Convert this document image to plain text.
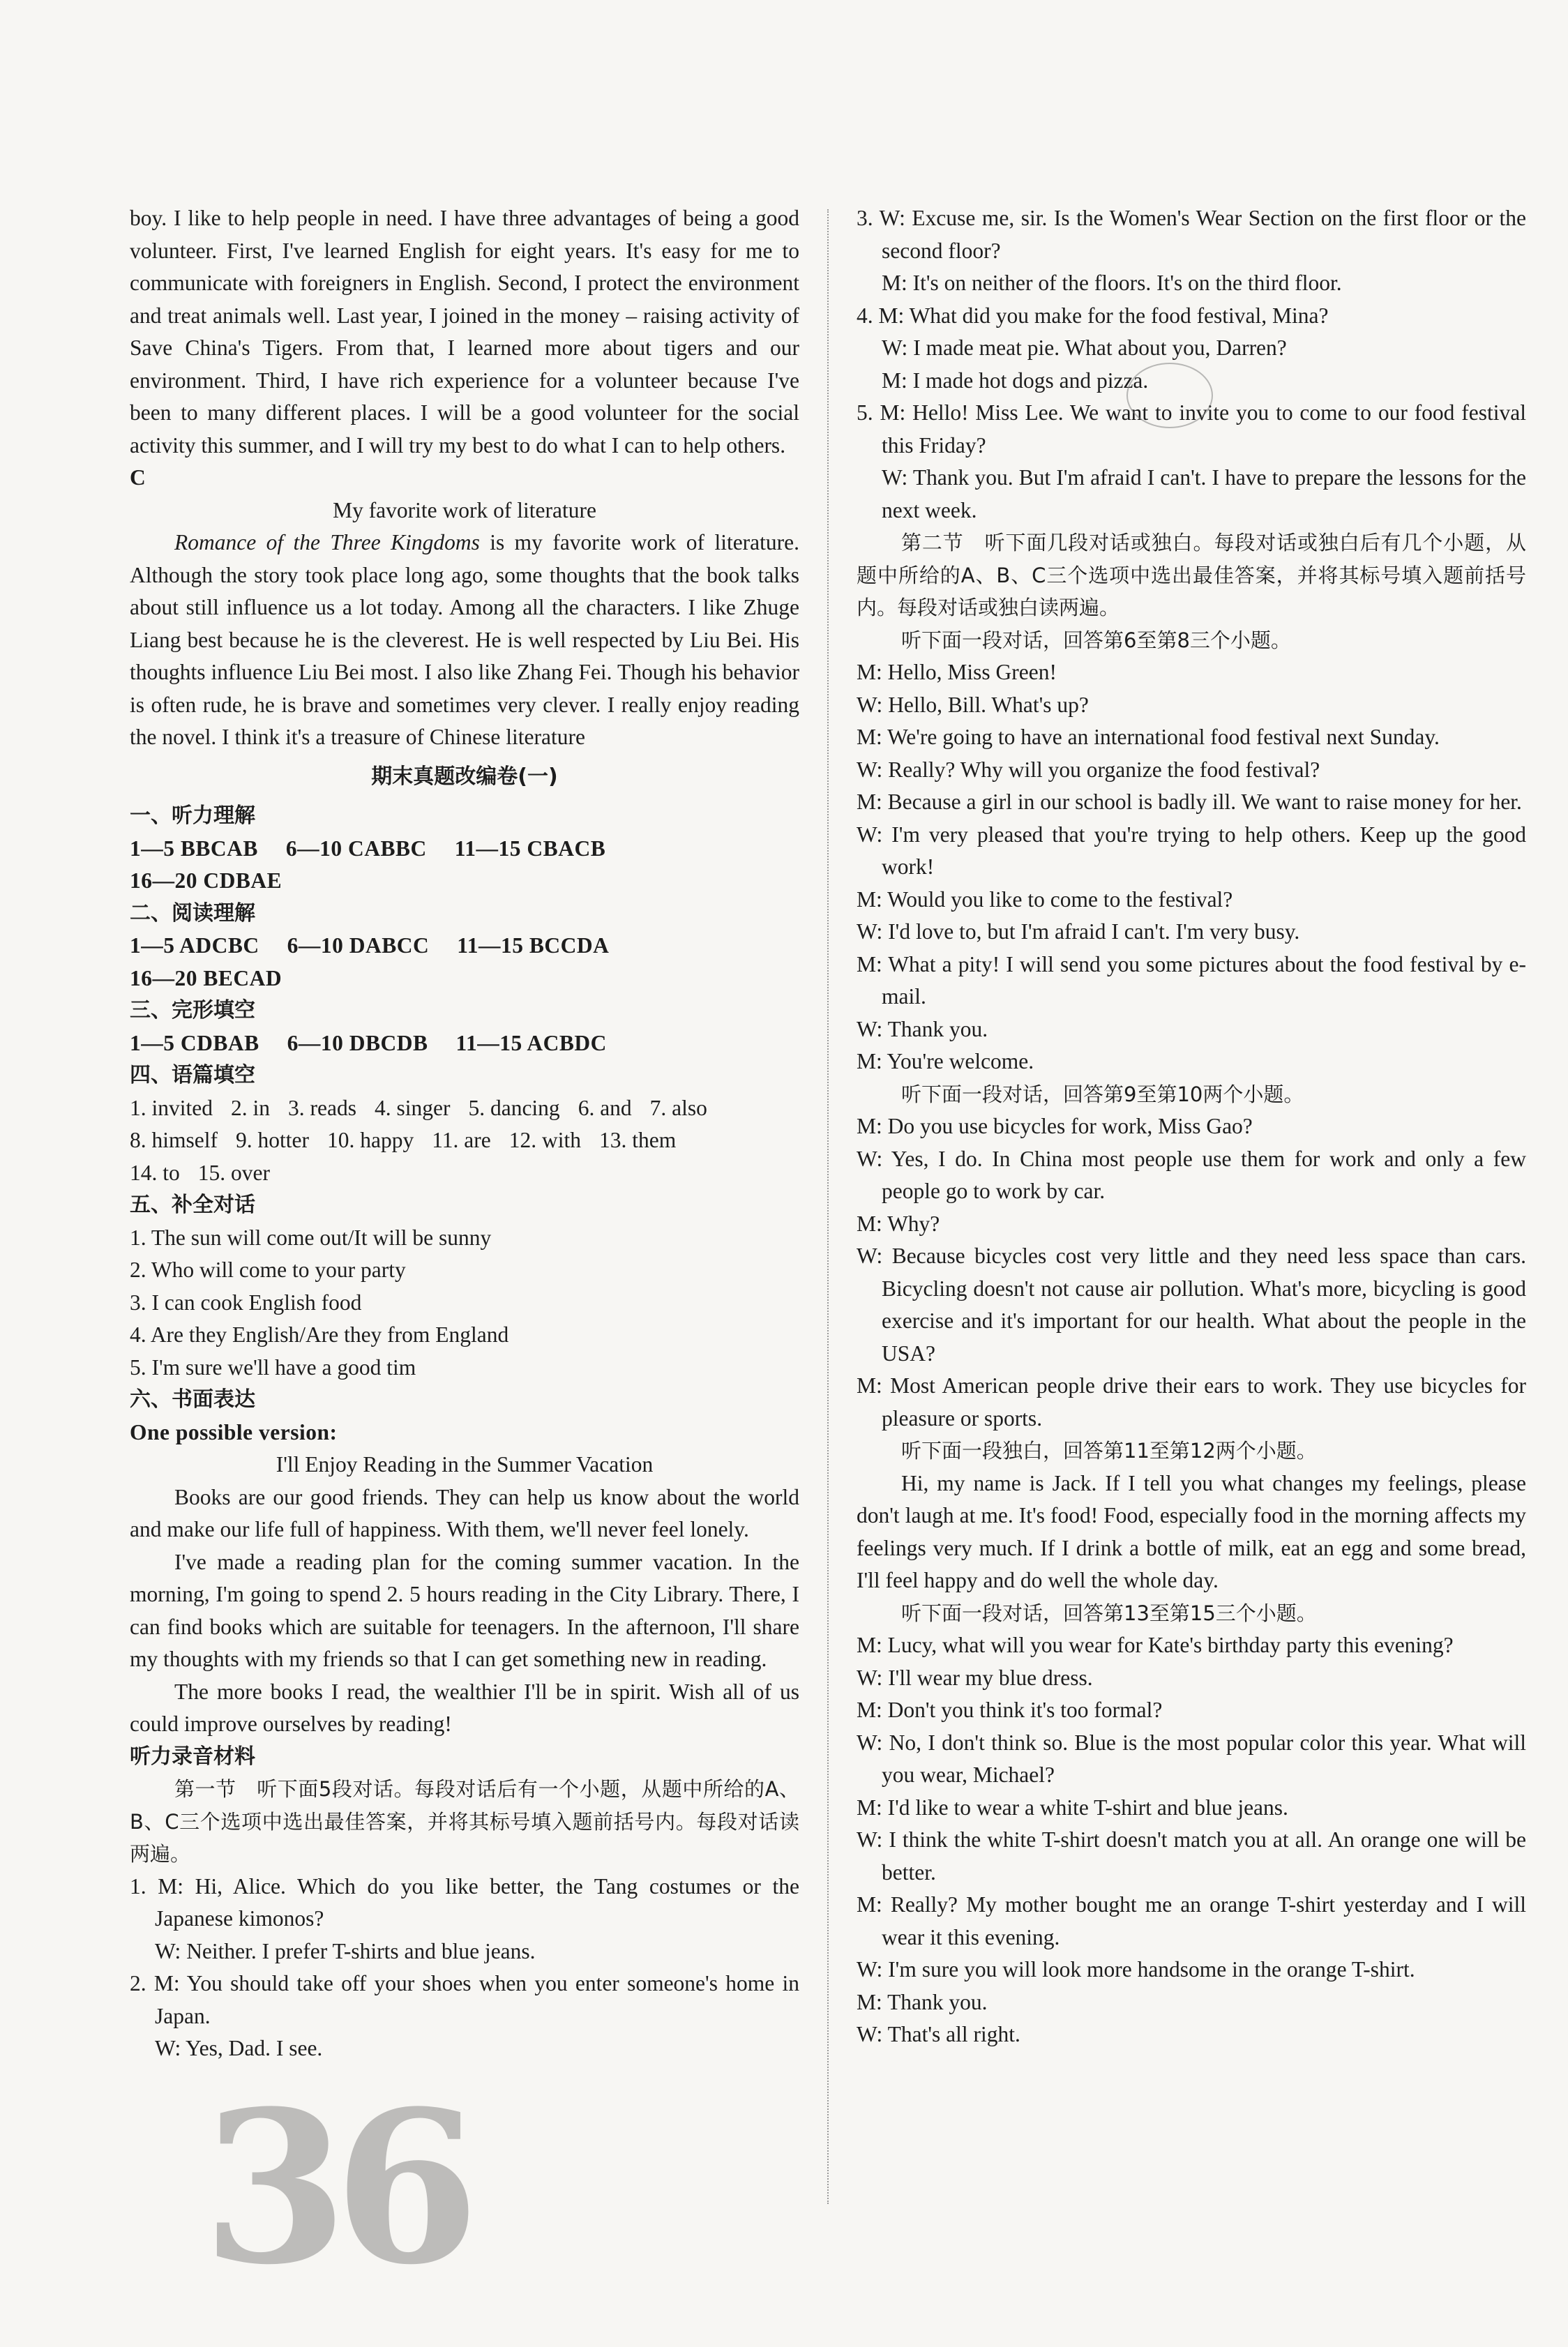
boy. I like to help people in need. I have three advantages of being a good volunteer. First, I've learned English for eight years. It's easy for me to communicate with foreigners in English. Second, I protect the environment and treat animals well. Last year, I joined in the money – raising activity of Save China's Tigers. From that, I learned more about tigers and our environment. Third, I have rich experience for a volunteer because I've been to many different places. I will be a good volunteer for the social activity this summer, and I will try my best to do what I can to help others.

C

My favorite work of literature

Romance of the Three Kingdoms is my favorite work of literature. Although the story took place long ago, some thoughts that the book talks about still influence us a lot today. Among all the characters. I like Zhuge Liang best because he is the cleverest. He is well respected by Liu Bei. His thoughts influence Liu Bei most. I also like Zhang Fei. Though his behavior is often rude, he is brave and sometimes very clever. I really enjoy reading the novel. I think it's a treasure of Chinese literature

期末真题改编卷(一)

一、听力理解

1—5 BBCAB 6—10 CABBC 11—15 CBACB

16—20 CDBAE

二、阅读理解

1—5 ADCBC 6—10 DABCC 11—15 BCCDA

16—20 BECAD

三、完形填空

1—5 CDBAB 6—10 DBCDB 11—15 ACBDC

四、语篇填空

1. invited 2. in 3. reads 4. singer 5. dancing 6. and 7. also
8. himself 9. hotter 10. happy 11. are 12. with 13. them
14. to 15. over

五、补全对话

1. The sun will come out/It will be sunny

2. Who will come to your party

3. I can cook English food

4. Are they English/Are they from England

5. I'm sure we'll have a good tim

六、书面表达

One possible version:

I'll Enjoy Reading in the Summer Vacation

Books are our good friends. They can help us know about the world and make our life full of happiness. With them, we'll never feel lonely.

I've made a reading plan for the coming summer vacation. In the morning, I'm going to spend 2. 5 hours reading in the City Library. There, I can find books which are suitable for teenagers. In the afternoon, I'll share my thoughts with my friends so that I can get something new in reading.

The more books I read, the wealthier I'll be in spirit. Wish all of us could improve ourselves by reading!

听力录音材料

第一节　听下面5段对话。每段对话后有一个小题，从题中所给的A、B、C三个选项中选出最佳答案，并将其标号填入题前括号内。每段对话读两遍。

1. M: Hi, Alice. Which do you like better, the Tang costumes or the Japanese kimonos?

W: Neither. I prefer T-shirts and blue jeans.

2. M: You should take off your shoes when you enter someone's home in Japan.

W: Yes, Dad. I see.

3. W: Excuse me, sir. Is the Women's Wear Section on the first floor or the second floor?

M: It's on neither of the floors. It's on the third floor.

4. M: What did you make for the food festival, Mina?

W: I made meat pie. What about you, Darren?

M: I made hot dogs and pizza.

5. M: Hello! Miss Lee. We want to invite you to come to our food festival this Friday?

W: Thank you. But I'm afraid I can't. I have to prepare the lessons for the next week.

第二节　听下面几段对话或独白。每段对话或独白后有几个小题，从题中所给的A、B、C三个选项中选出最佳答案，并将其标号填入题前括号内。每段对话或独白读两遍。

听下面一段对话，回答第6至第8三个小题。

M: Hello, Miss Green!

W: Hello, Bill. What's up?

M: We're going to have an international food festival next Sunday.

W: Really? Why will you organize the food festival?

M: Because a girl in our school is badly ill. We want to raise money for her.

W: I'm very pleased that you're trying to help others. Keep up the good work!

M: Would you like to come to the festival?

W: I'd love to, but I'm afraid I can't. I'm very busy.

M: What a pity! I will send you some pictures about the food festival by e-mail.

W: Thank you.

M: You're welcome.

听下面一段对话，回答第9至第10两个小题。

M: Do you use bicycles for work, Miss Gao?

W: Yes, I do. In China most people use them for work and only a few people go to work by car.

M: Why?

W: Because bicycles cost very little and they need less space than cars. Bicycling doesn't not cause air pollution. What's more, bicycling is good exercise and it's important for our health. What about the people in the USA?

M: Most American people drive their ears to work. They use bicycles for pleasure or sports.

听下面一段独白，回答第11至第12两个小题。

Hi, my name is Jack. If I tell you what changes my feelings, please don't laugh at me. It's food! Food, especially food in the morning affects my feelings very much. If I drink a bottle of milk, eat an egg and some bread, I'll feel happy and do well the whole day.

听下面一段对话，回答第13至第15三个小题。

M: Lucy, what will you wear for Kate's birthday party this evening?

W: I'll wear my blue dress.

M: Don't you think it's too formal?

W: No, I don't think so. Blue is the most popular color this year. What will you wear, Michael?

M: I'd like to wear a white T-shirt and blue jeans.

W: I think the white T-shirt doesn't match you at all. An orange one will be better.

M: Really? My mother bought me an orange T-shirt yesterday and I will wear it this evening.

W: I'm sure you will look more handsome in the orange T-shirt.

M: Thank you.

W: That's all right.

36
